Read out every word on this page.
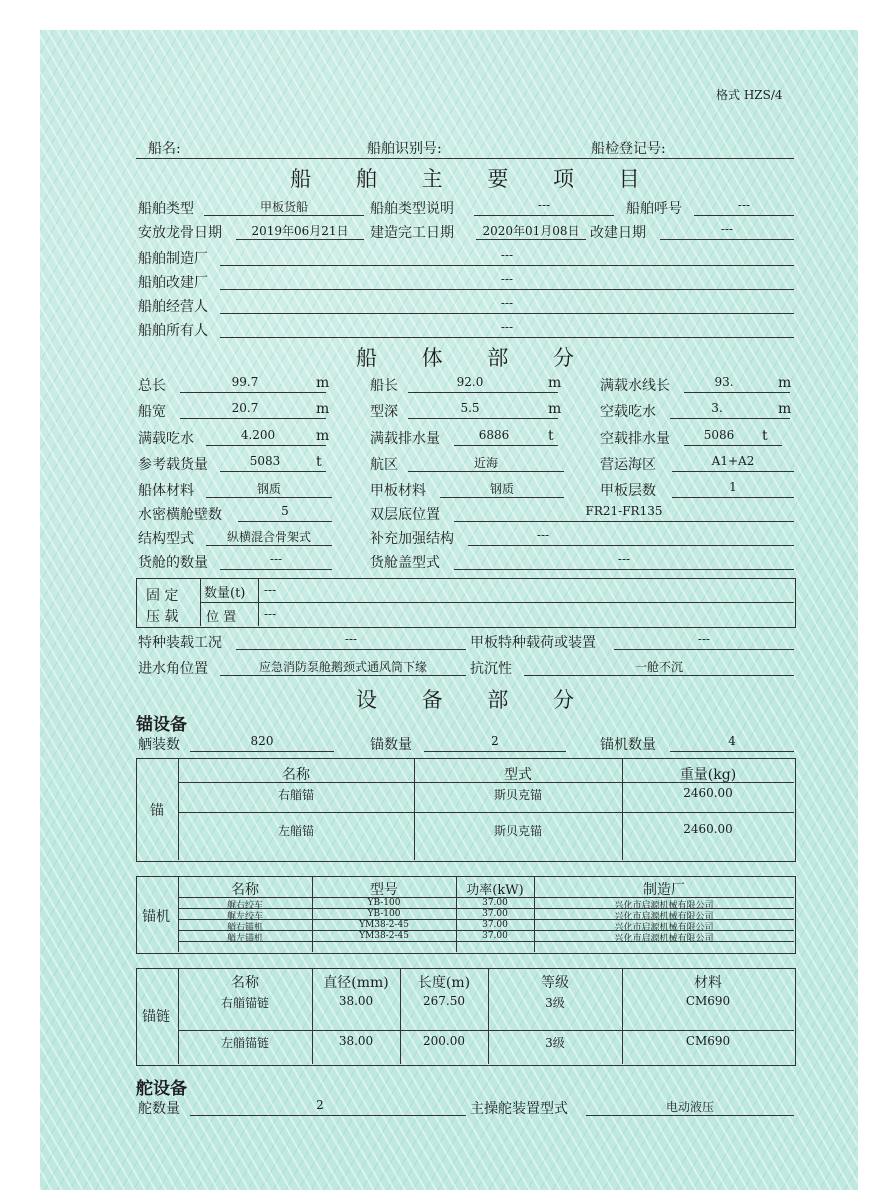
格式 HZS/4
船名:	船舶识别号:	船检登记号:
船 舶 主 要 项 目
船舶类型	甲板货船	船舶类型说明	---	船舶呼号	---
安放龙骨日期	2019年06月21日	建造完工日期	2020年01月08日 改建日期	---
船舶制造厂	---
船舶改建厂	---
船舶经营人	---
船舶所有人	---
船 体 部 分
总长	99.7	m	船长	92.0	m	满载水线长	93.	m
船宽	20.7	m	型深	5.5	m	空载吃水	3.	m
满载吃水	4.200	m	满载排水量	6886	t	空载排水量	5086	t
参考载货量	5083	t	航区	近海	营运海区	A1+A2
船体材料	钢质	甲板材料	钢质	甲板层数	1
水密横舱壁数	5	双层底位置	FR21-FR135
结构型式	纵横混合骨架式	补充加强结构	---
货舱的数量	---	货舱盖型式	---
固 定
压 载
数量(t) ---
位 置 ---
特种装载工况	---	甲板特种载荷或装置	---
进水角位置	应急消防泵舱鹅颈式通风筒下缘	抗沉性	一舱不沉
设 备 部 分
锚设备
舾装数	820	锚数量	2	锚机数量	4
锚
名称	型式	重量(kg)
右艏锚	斯贝克锚	2460.00
左艏锚	斯贝克锚	2460.00
锚机
名称	型号	功率(kW)	制造厂
艉右绞车	YB-100	37.00	兴化市启源机械有限公司
艉左绞车	YB-100	37.00	兴化市启源机械有限公司
艏右锚机	YM38-2-45	37.00	兴化市启源机械有限公司
艏左锚机	YM38-2-45	37.00	兴化市启源机械有限公司
锚链
名称	直径(mm)	长度(m)	等级	材料
右艏锚链	38.00	267.50	3级	CM690
左艏锚链	38.00	200.00	3级	CM690
舵设备
舵数量	2	主操舵装置型式	电动液压
